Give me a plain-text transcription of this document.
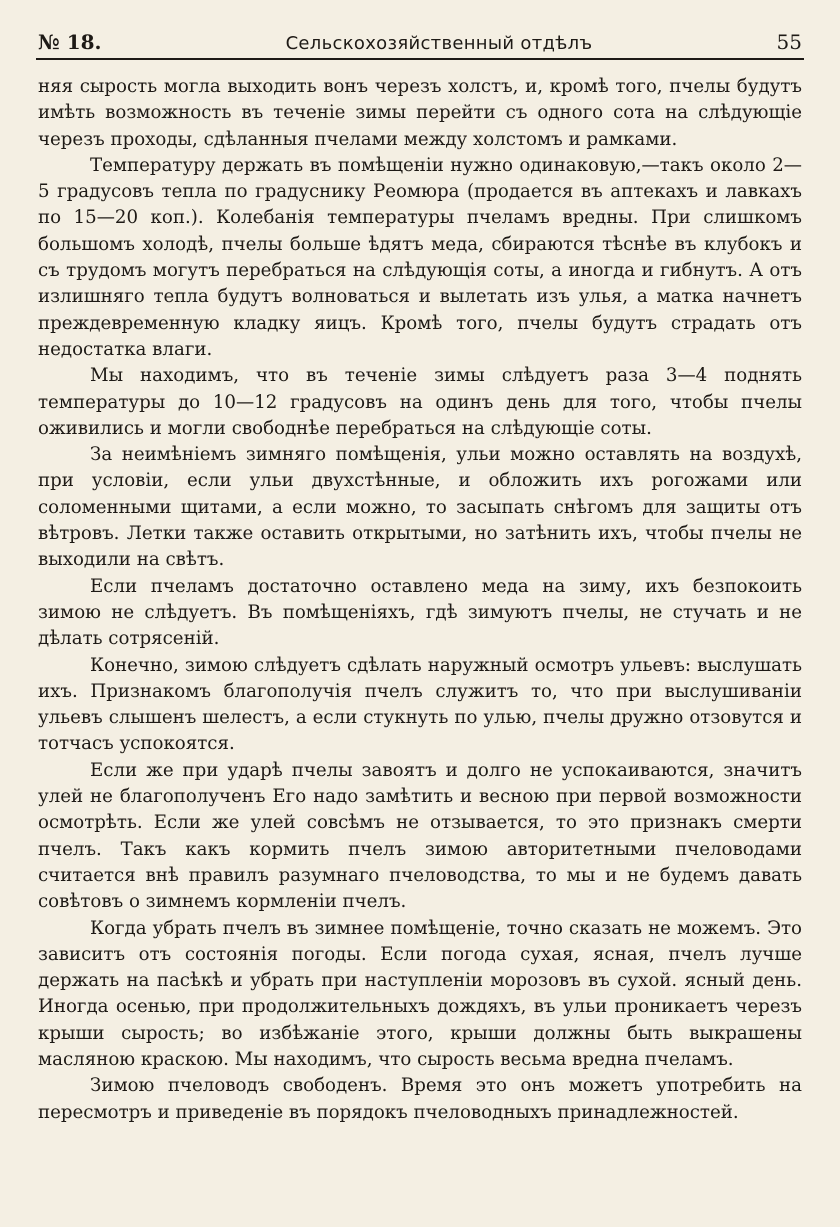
№ 18.	Сельскохозяйственный отдѣлъ	55

няя сырость могла выходить вонъ черезъ холстъ, и, кромѣ того, пчелы будутъ имѣть возможность въ теченіе зимы перейти съ одного сота на слѣдующіе черезъ проходы, сдѣланныя пчелами между холстомъ и рамками.

Температуру держать въ помѣщеніи нужно одинаковую,—такъ около 2—5 градусовъ тепла по градуснику Реомюра (продается въ аптекахъ и лавкахъ по 15—20 коп.). Колебанія температуры пчеламъ вредны. При слишкомъ большомъ холодѣ, пчелы больше ѣдятъ меда, сбираются тѣснѣе въ клубокъ и съ трудомъ могутъ перебраться на слѣдующія соты, а иногда и гибнутъ. А отъ излишняго тепла будутъ волноваться и вылетать изъ улья, а матка начнетъ преждевременную кладку яицъ. Кромѣ того, пчелы будутъ страдать отъ недостатка влаги.

Мы находимъ, что въ теченіе зимы слѣдуетъ раза 3—4 поднять температуры до 10—12 градусовъ на одинъ день для того, чтобы пчелы оживились и могли свободнѣе перебраться на слѣдующіе соты.

За неимѣніемъ зимняго помѣщенія, ульи можно оставлять на воздухѣ, при условіи, если ульи двухстѣнные, и обложить ихъ рогожами или соломенными щитами, а если можно, то засыпать снѣгомъ для защиты отъ вѣтровъ. Летки также оставить открытыми, но затѣнить ихъ, чтобы пчелы не выходили на свѣтъ.

Если пчеламъ достаточно оставлено меда на зиму, ихъ безпокоить зимою не слѣдуетъ. Въ помѣщеніяхъ, гдѣ зимуютъ пчелы, не стучать и не дѣлать сотрясеній.

Конечно, зимою слѣдуетъ сдѣлать наружный осмотръ ульевъ: выслушать ихъ. Признакомъ благополучія пчелъ служитъ то, что при выслушиваніи ульевъ слышенъ шелестъ, а если стукнуть по улью, пчелы дружно отзовутся и тотчасъ успокоятся.

Если же при ударѣ пчелы завоятъ и долго не успокаиваются, значитъ улей не благополученъ Его надо замѣтить и весною при первой возможности осмотрѣть. Если же улей совсѣмъ не отзывается, то это признакъ смерти пчелъ. Такъ какъ кормить пчелъ зимою авторитетными пчеловодами считается внѣ правилъ разумнаго пчеловодства, то мы и не будемъ давать совѣтовъ о зимнемъ кормленіи пчелъ.

Когда убрать пчелъ въ зимнее помѣщеніе, точно сказать не можемъ. Это зависитъ отъ состоянія погоды. Если погода сухая, ясная, пчелъ лучше держать на пасѣкѣ и убрать при наступленіи морозовъ въ сухой. ясный день. Иногда осенью, при продолжительныхъ дождяхъ, въ ульи проникаетъ черезъ крыши сырость; во избѣжаніе этого, крыши должны быть выкрашены масляною краскою. Мы находимъ, что сырость весьма вредна пчеламъ.

Зимою пчеловодъ свободенъ. Время это онъ можетъ употребить на пересмотръ и приведеніе въ порядокъ пчеловодныхъ принадлежностей.
